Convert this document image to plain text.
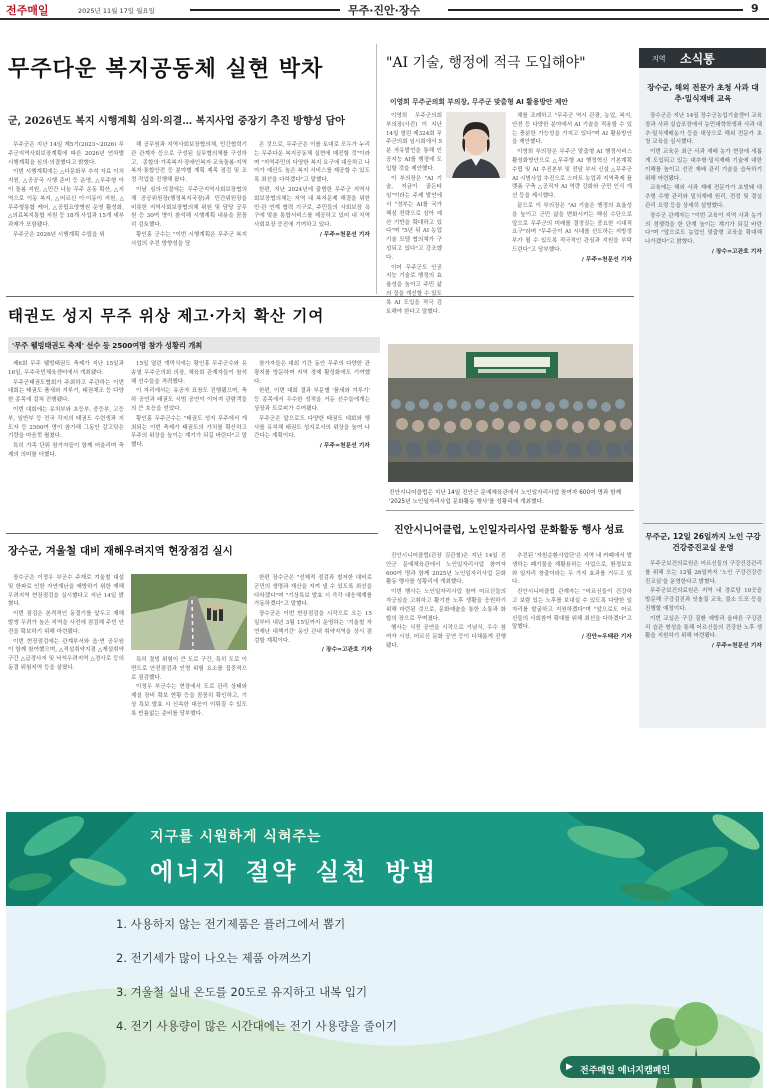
전주매일	2025년 11월 17일 월요일	무주·진안·장수	9
무주다운 복지공동체 실현 박차
군, 2026년도 복지 시행계획 심의·의결… 복지사업 중장기 추진 방향성 담아

무주군은 지난 14일 제5기(2023~2026) 무주군지역사회보장계획에 따른 2026년 연차별 시행계획을 심의·의결했다고 밝혔다.

이번 시행계획에는 △다문화부 추석 자료 이처 지원, △공공국 시행 준비 등 운영, △무주형 아이 돌봄 지원, △민간 나눔 무주 운동 확산, △지역으로 이동 복지, △어르신 이·이동이 지원, △무주형통합 케어, △공립요양병원 운영 활성화, △의료복지통합 지원 등 18개 사업과 15개 세부 과제가 포함됐다.

무주군은 2026년 시행계획 수립을 위

해 공무원과 지역사회보장협의체, 민간협력기관 관계자 등으로 구성된 실무협의체를 구성하고, 종합의·가족복지·장애인복지·교육돌봄·지역복지·통합안전 등 분야별 계획 제목 점검 및 조정 작업을 진행해 왔다.

이날 심의·의결에는 무주군지역사회보장협의체 공공위원장(행정복지국장)과 민간위원장을 비롯한 지역사회보장협의체 위원 및 담당 공무원 등 30여 명이 참석해 시행계획 내용을 꼼꼼히 검토했다.

황인홍 군수는 "이번 시행계획은 무주군 복지사업의 추진 방향성을 담

은 것으로, 무주군은 이를 토대로 모두가 누리는 무주다운 복지공동체 실현에 매진할 것"이라며 "지역주민의 다양한 복지 요구에 대응하고 나아가 예산도 높은 복지 서비스를 제공할 수 있도록 최선을 다하겠다"고 말했다.

한편, 지난 2024년에 출범한 무주군 지역사회보장협의체는 지역 내 복지문제 해결을 위한 민·관 연계 협력 기구로, 주민들의 사회보장 욕구에 맞춘 통합서비스를 제공하고 있어 내 지역 사회보장 증진에 기여하고 있다.

/ 무주=천문선 기자
"AI 기술, 행정에 적극 도입해야"
이영희 무주군의회 부의장, 무주군 맞춤형 AI 활용방안 제안

이영희 무주군의회 부의장(사진) 이 지난 14일 열린 제324회 무주군의회 임시회에서 5분 자유발언을 통해 인공지능 AI를 행정에 도입할 것을 제안했다.

이 부의장은 "AI 기술, 지금이 골든타임"이라는 주제 발언에서 "정부는 AI를 국가 핵심 전략으로 삼아 예산 기반을 확대하고 있다"며 "5년 뒤 AI 농업기술 모델 협의체가 구성되고 있다"고 강조했다.

이어 무주군도 인공지능 기술로 행정의 효율성을 높이고 주민 삶의 질을 개선할 수 있도록 AI 도입을 적극 검토해야 한다고 말했다.

체를 조례하고 "무주군 역시 관광, 농업, 복지, 안전 등 다양한 분야에서 AI 기술을 적용할 수 있는 충분한 가능성을 가지고 있다"며 AI 활용방안을 제안했다.

이영희 부의장은 무주군 맞춤형 AI 행정서비스 활성화방안으로 △무주형 AI 행정혁신 기본계획 수립 및 AI 추진본부 및 전담 부서 신설 △무주군 AI 시범사업 추진으로 스마트 농업과 지역축제 플랫폼 구축 △공직자 AI 역량 강화와 군민 인식 개선 등을 제시했다.

끝으로 이 부의장은 "AI 기술은 행정의 효율성을 높이고 군민 삶을 변화시키는 핵심 수단으로 앞으로 무주군의 미래를 결정짓는 중요한 시대적 요구"라며 "무주군이 AI 시대를 선도하는 지방정부가 될 수 있도록 적극적인 관심과 지원을 부탁드린다"고 당부했다.

/ 무주=천문선 기자
태권도 성지 무주 위상 제고·가치 확산 기여
'무주 웰빙태권도 축제' 선수 등 2500여명 참가 성황리 개최

제6회 무주 웰빙태권도 축제가 지난 15일과 16일, 무주국민체육센터에서 개최됐다.

무주군태권도협회가 주최하고 주관하는 이번 대회는 태권도 품새와 겨루기, 태권체조 등 다양한 종목에 걸쳐 진행됐다.

이번 대회에는 유치부와 초등부, 중등부, 고등부, 일반부 등 전국 각지의 태권도 수련생과 지도자 등 2500여 명이 참가해 그동안 갈고닦은 기량을 마음껏 펼쳤다.

특히 가족 단위 참가자들이 함께 어울리며 축제의 의미를 더했다.

15일 열린 개막식에는 황인홍 무주군수와 유송열 무주군의회 의장, 체육회 관계자들이 참석해 선수들을 격려했다.

이 자리에서는 유공자 표창도 진행됐으며, 축하 공연과 태권도 시범 공연이 이어져 관람객들의 큰 호응을 얻었다.

황인홍 무주군수는 "태권도 성지 무주에서 개최되는 이번 축제가 태권도의 가치를 확산하고 무주의 위상을 높이는 계기가 되길 바란다"고 말했다.

참가자들은 대회 기간 동안 무주의 다양한 관광지를 방문하며 지역 경제 활성화에도 기여했다.

한편, 이번 대회 결과 부문별 '품새와 겨루기' 등 종목에서 우수한 성적을 거둔 선수들에게는 상장과 트로피가 수여됐다.

무주군은 앞으로도 다양한 태권도 대회와 행사를 유치해 태권도 성지로서의 위상을 높여 나간다는 계획이다.

/ 무주=천문선 기자
진안시니어클럽은 지난 14일 진안군 문예체육관에서 노인일자리사업 참여자 600여 명과 함께 '2025년 노인일자리사업 문화활동 행사'를 성황리에 개최했다.
진안시니어클럽, 노인일자리사업 문화활동 행사 성료

진안시니어클럽(관장 김관철)은 지난 14일 진안군 문예체육관에서 노인일자리사업 참여자 600여 명과 함께 2025년 노인일자리사업 문화활동 행사를 성황리에 개최했다.

이번 행사는 노인일자리사업 참여 어르신들의 자긍심을 고취하고 활기찬 노후 생활을 응원하기 위해 마련된 것으로, 문화예술을 통한 소통과 화합의 장으로 꾸며졌다.

행사는 식전 공연을 시작으로 기념식, 우수 참여자 시상, 어르신 문화 공연 등이 다채롭게 진행됐다.

추진된 '자원순환사업단'은 지역 내 카페에서 발생하는 폐기물을 재활용하는 사업으로, 환경보호와 일자리 창출이라는 두 가지 효과를 거두고 있다.

진안시니어클럽 관계자는 "어르신들이 건강하고 보람 있는 노후를 보내실 수 있도록 다양한 일자리를 발굴하고 지원하겠다"며 "앞으로도 어르신들의 사회참여 확대를 위해 최선을 다하겠다"고 말했다.

/ 진안=우태완 기자
장수군, 겨울철 대비 재해우려지역 현장점검 실시

장수군은 이정우 부군수 주재로 겨울철 대설 및 한파로 인한 자연재난을 예방하기 위한 재해우려지역 현장점검을 실시했다고 지난 14일 밝혔다.

이번 점검은 본격적인 동절기를 앞두고 재해 발생 우려가 높은 지역을 사전에 점검해 주민 안전을 확보하기 위해 마련됐다.

이번 현장점검에는 관계부서와 읍·면 공무원이 함께 참여했으며, △적설취약지점 △제설취약구간 △급경사지 및 낙석우려지역 △경사로 등의 동결 위험지역 등을 살폈다.

특히 결빙 위험이 큰 도로 구간, 특히 도로 이면도로 안전점검과 인명 위험 요소를 집중적으로 점검했다.

이정우 부군수는 현장에서 도로 관리 상태와 제설 장비 확보 현황 등을 꼼꼼히 확인하고, 기상 특보 발효 시 신속한 대응이 이뤄질 수 있도록 빈틈없는 준비를 당부했다.

한편 장수군은 "선제적 점검과 철저한 대비로 군민의 생명과 재산을 지켜 낼 수 있도록 최선을 다하겠다"며 "기상특보 발효 시 즉각 대응체계를 가동하겠다"고 말했다.

장수군은 이번 현장점검을 시작으로 오는 15일부터 내년 3월 15일까지 운영하는 '겨울철 자연재난 대책기간' 동안 관내 취약지역을 상시 점검할 계획이다.

/ 장수=고관호 기자
지역 소식통
장수군, 해외 전문가 초청 사과 대추·밀식재배 교육

장수군은 지난 14일 장수군농업기술센터 교육장과 사과 실습포장에서 농민대학학생과 사과 대추·밀식재배농가 등을 대상으로 해외 전문가 초청 교육을 실시했다.

이번 교육은 최근 사과 재배 농가 현장에 새롭게 도입되고 있는 대추형·밀식재배 기술에 대한 이해를 높이고 선진 재배 관리 기술을 습득하기 위해 마련됐다.

교육에는 해외 사과 재배 전문가가 초빙돼 대추형 수형 관리와 밀식재배 원리, 전정 및 결실 관리 요령 등을 상세히 설명했다.

장수군 관계자는 "이번 교육이 지역 사과 농가의 경쟁력을 한 단계 높이는 계기가 되길 바란다"며 "앞으로도 농업인 맞춤형 교육을 확대해 나가겠다"고 밝혔다.

/ 장수=고관호 기자
무주군, 12일 26일까지 노인 구강건강증진교실 운영

무주군보건의료원은 어르신들의 구강건강관리를 위해 오는 12월 26일까지 '노인 구강건강증진교실'을 운영한다고 밝혔다.

무주군보건의료원은 지역 내 경로당 10곳을 방문해 구강검진과 잇솔질 교육, 불소 도포 등을 진행할 예정이다.

이번 교실은 구강 질환 예방과 올바른 구강관리 습관 형성을 통해 어르신들의 건강한 노후 생활을 지원하기 위해 마련됐다.

/ 무주=천문선 기자
지구를 시원하게 식혀주는
에너지 절약 실천 방법
1. 사용하지 않는 전기제품은 플러그에서 뽑기
2. 전기세가 많이 나오는 제품 아껴쓰기
3. 겨울철 실내 온도를 20도로 유지하고 내복 입기
4. 전기 사용량이 많은 시간대에는 전기 사용량을 줄이기
▶ 전주매일 에너지캠페인
